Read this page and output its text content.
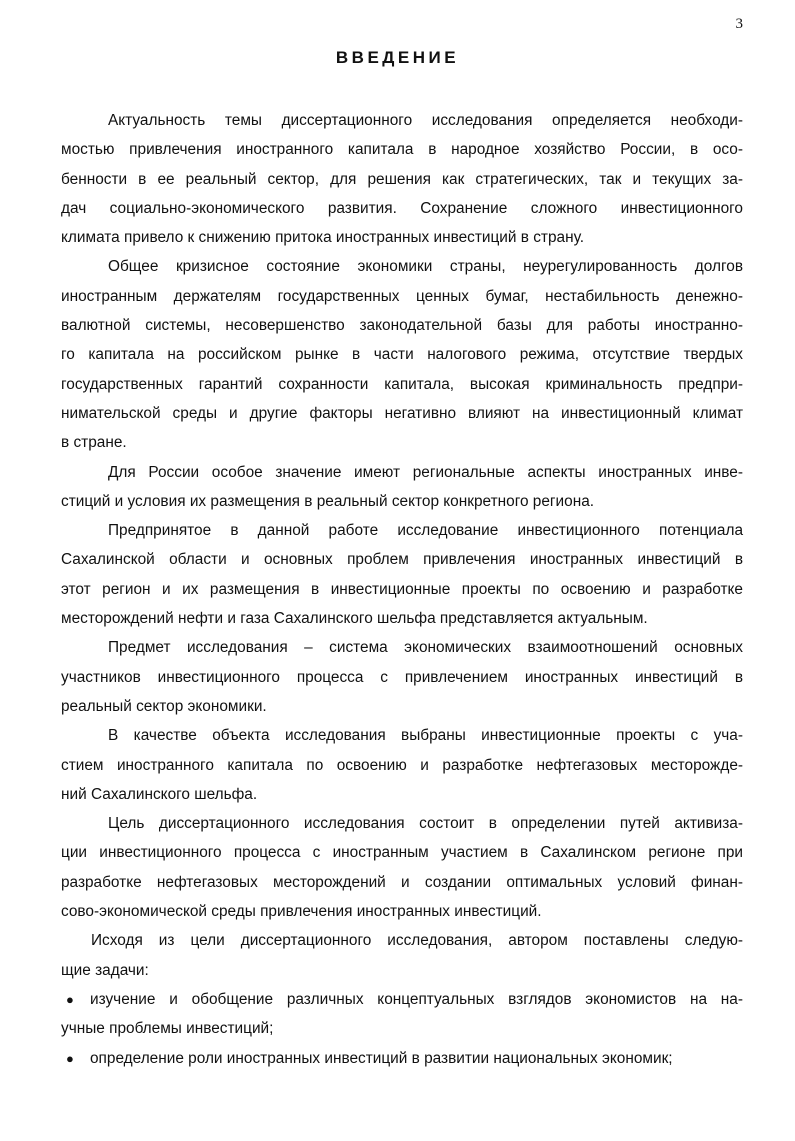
3
ВВЕДЕНИЕ
Актуальность темы диссертационного исследования определяется необходи-
мостью привлечения иностранного капитала в народное хозяйство России, в осо-
бенности в ее реальный сектор, для решения как стратегических, так и текущих за-
дач социально-экономического развития. Сохранение сложного инвестиционного
климата привело к снижению притока иностранных инвестиций в страну.
Общее кризисное состояние экономики страны, неурегулированность долгов
иностранным держателям государственных ценных бумаг, нестабильность денежно-
валютной системы, несовершенство законодательной базы для работы иностранно-
го капитала на российском рынке в части налогового режима, отсутствие твердых
государственных гарантий сохранности капитала, высокая криминальность предпри-
нимательской среды и другие факторы негативно влияют на инвестиционный климат
в стране.
Для России особое значение имеют региональные аспекты иностранных инве-
стиций и условия их размещения в реальный сектор конкретного региона.
Предпринятое в данной работе исследование инвестиционного потенциала
Сахалинской области и основных проблем привлечения иностранных инвестиций в
этот регион и их размещения в инвестиционные проекты по освоению и разработке
месторождений нефти и газа Сахалинского шельфа представляется актуальным.
Предмет исследования – система экономических взаимоотношений основных
участников инвестиционного процесса с привлечением иностранных инвестиций в
реальный сектор экономики.
В качестве объекта исследования выбраны инвестиционные проекты с уча-
стием иностранного капитала по освоению и разработке нефтегазовых месторожде-
ний Сахалинского шельфа.
Цель диссертационного исследования состоит в определении путей активиза-
ции инвестиционного процесса с иностранным участием в Сахалинском регионе при
разработке нефтегазовых месторождений и создании оптимальных условий финан-
сово-экономической среды привлечения иностранных инвестиций.
Исходя из цели диссертационного исследования, автором поставлены следую-
щие задачи:
● изучение и обобщение различных концептуальных взглядов экономистов на на-
учные проблемы инвестиций;
● определение роли иностранных инвестиций в развитии национальных экономик;
